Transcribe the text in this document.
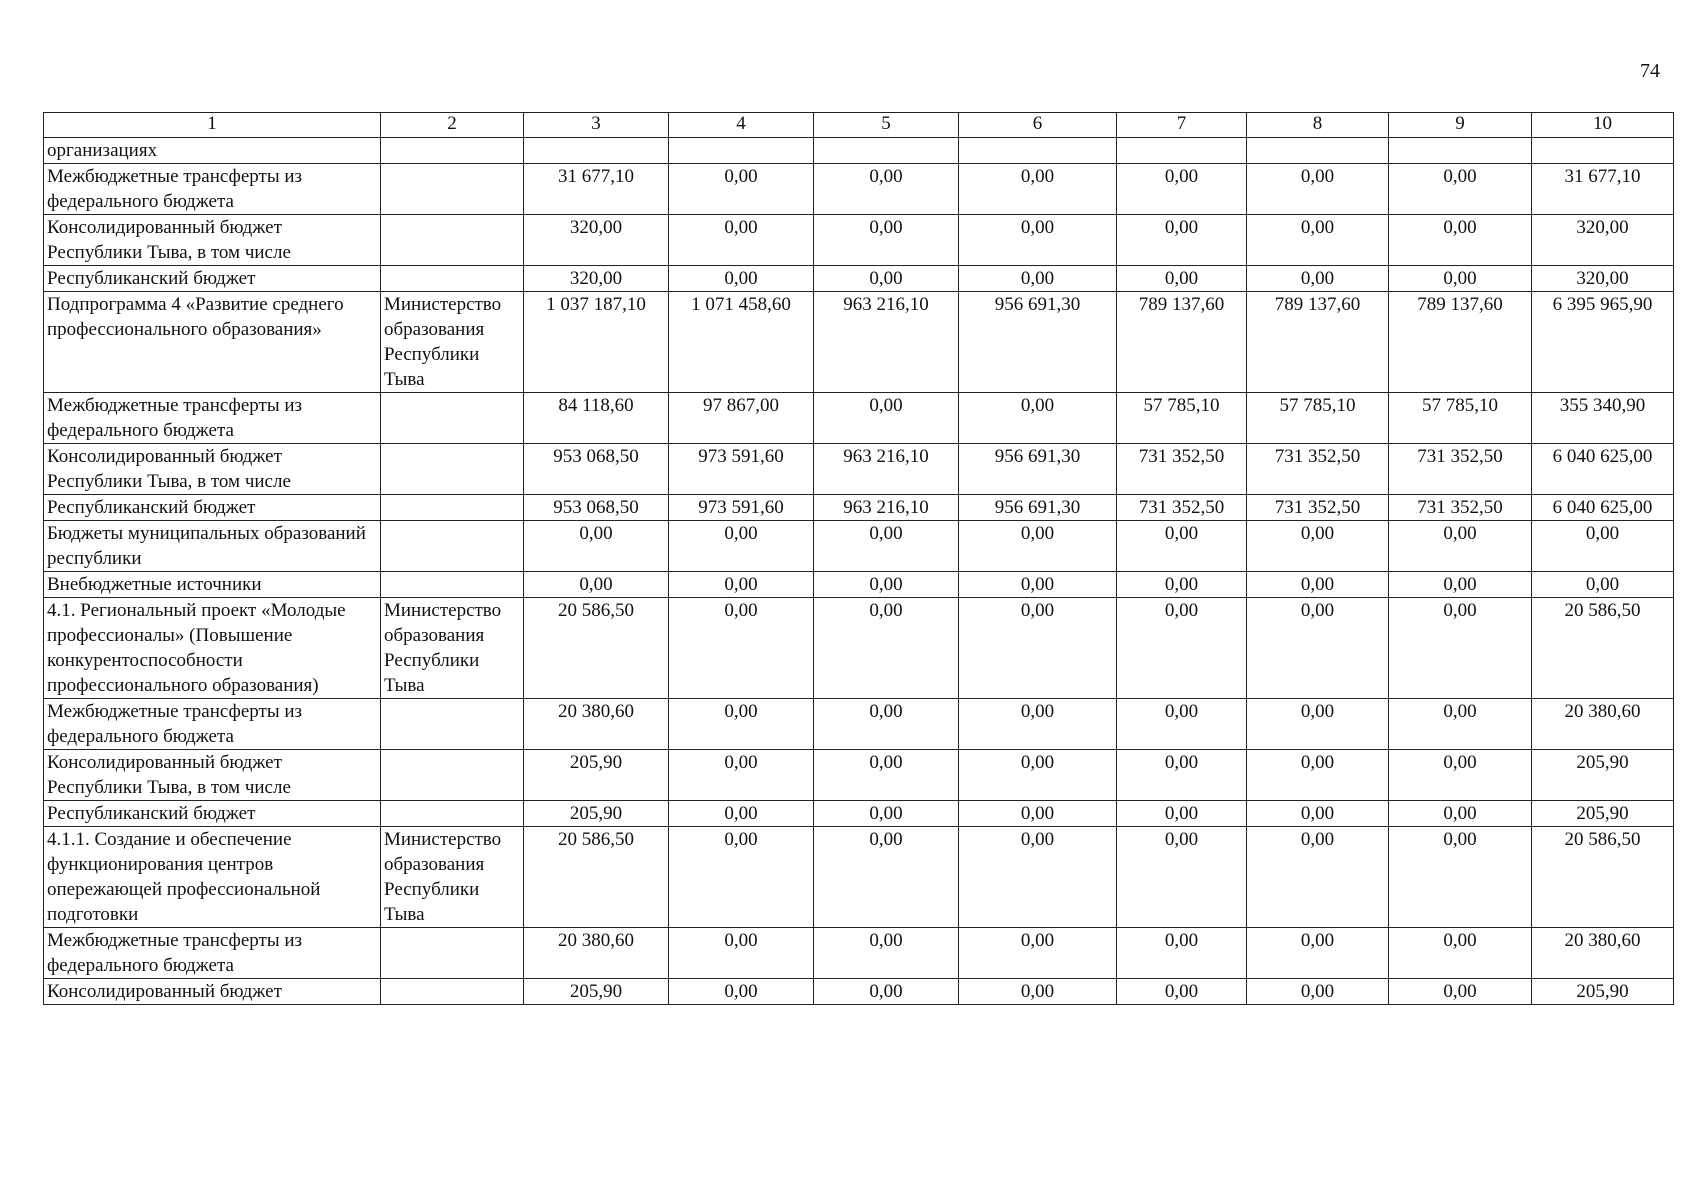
74
1	2	3	4	5	6	7	8	9	10
организациях									
Межбюджетные трансферты из федерального бюджета		31 677,10	0,00	0,00	0,00	0,00	0,00	0,00	31 677,10
Консолидированный бюджет Республики Тыва, в том числе		320,00	0,00	0,00	0,00	0,00	0,00	0,00	320,00
Республиканский бюджет		320,00	0,00	0,00	0,00	0,00	0,00	0,00	320,00
Подпрограмма 4 «Развитие среднего профессионального образования»	Министерство образования Республики Тыва	1 037 187,10	1 071 458,60	963 216,10	956 691,30	789 137,60	789 137,60	789 137,60	6 395 965,90
Межбюджетные трансферты из федерального бюджета		84 118,60	97 867,00	0,00	0,00	57 785,10	57 785,10	57 785,10	355 340,90
Консолидированный бюджет Республики Тыва, в том числе		953 068,50	973 591,60	963 216,10	956 691,30	731 352,50	731 352,50	731 352,50	6 040 625,00
Республиканский бюджет		953 068,50	973 591,60	963 216,10	956 691,30	731 352,50	731 352,50	731 352,50	6 040 625,00
Бюджеты муниципальных образований республики		0,00	0,00	0,00	0,00	0,00	0,00	0,00	0,00
Внебюджетные источники		0,00	0,00	0,00	0,00	0,00	0,00	0,00	0,00
4.1. Региональный проект «Молодые профессионалы» (Повышение конкурентоспособности профессионального образования)	Министерство образования Республики Тыва	20 586,50	0,00	0,00	0,00	0,00	0,00	0,00	20 586,50
Межбюджетные трансферты из федерального бюджета		20 380,60	0,00	0,00	0,00	0,00	0,00	0,00	20 380,60
Консолидированный бюджет Республики Тыва, в том числе		205,90	0,00	0,00	0,00	0,00	0,00	0,00	205,90
Республиканский бюджет		205,90	0,00	0,00	0,00	0,00	0,00	0,00	205,90
4.1.1. Создание и обеспечение функционирования центров опережающей профессиональной подготовки	Министерство образования Республики Тыва	20 586,50	0,00	0,00	0,00	0,00	0,00	0,00	20 586,50
Межбюджетные трансферты из федерального бюджета		20 380,60	0,00	0,00	0,00	0,00	0,00	0,00	20 380,60
Консолидированный бюджет		205,90	0,00	0,00	0,00	0,00	0,00	0,00	205,90
